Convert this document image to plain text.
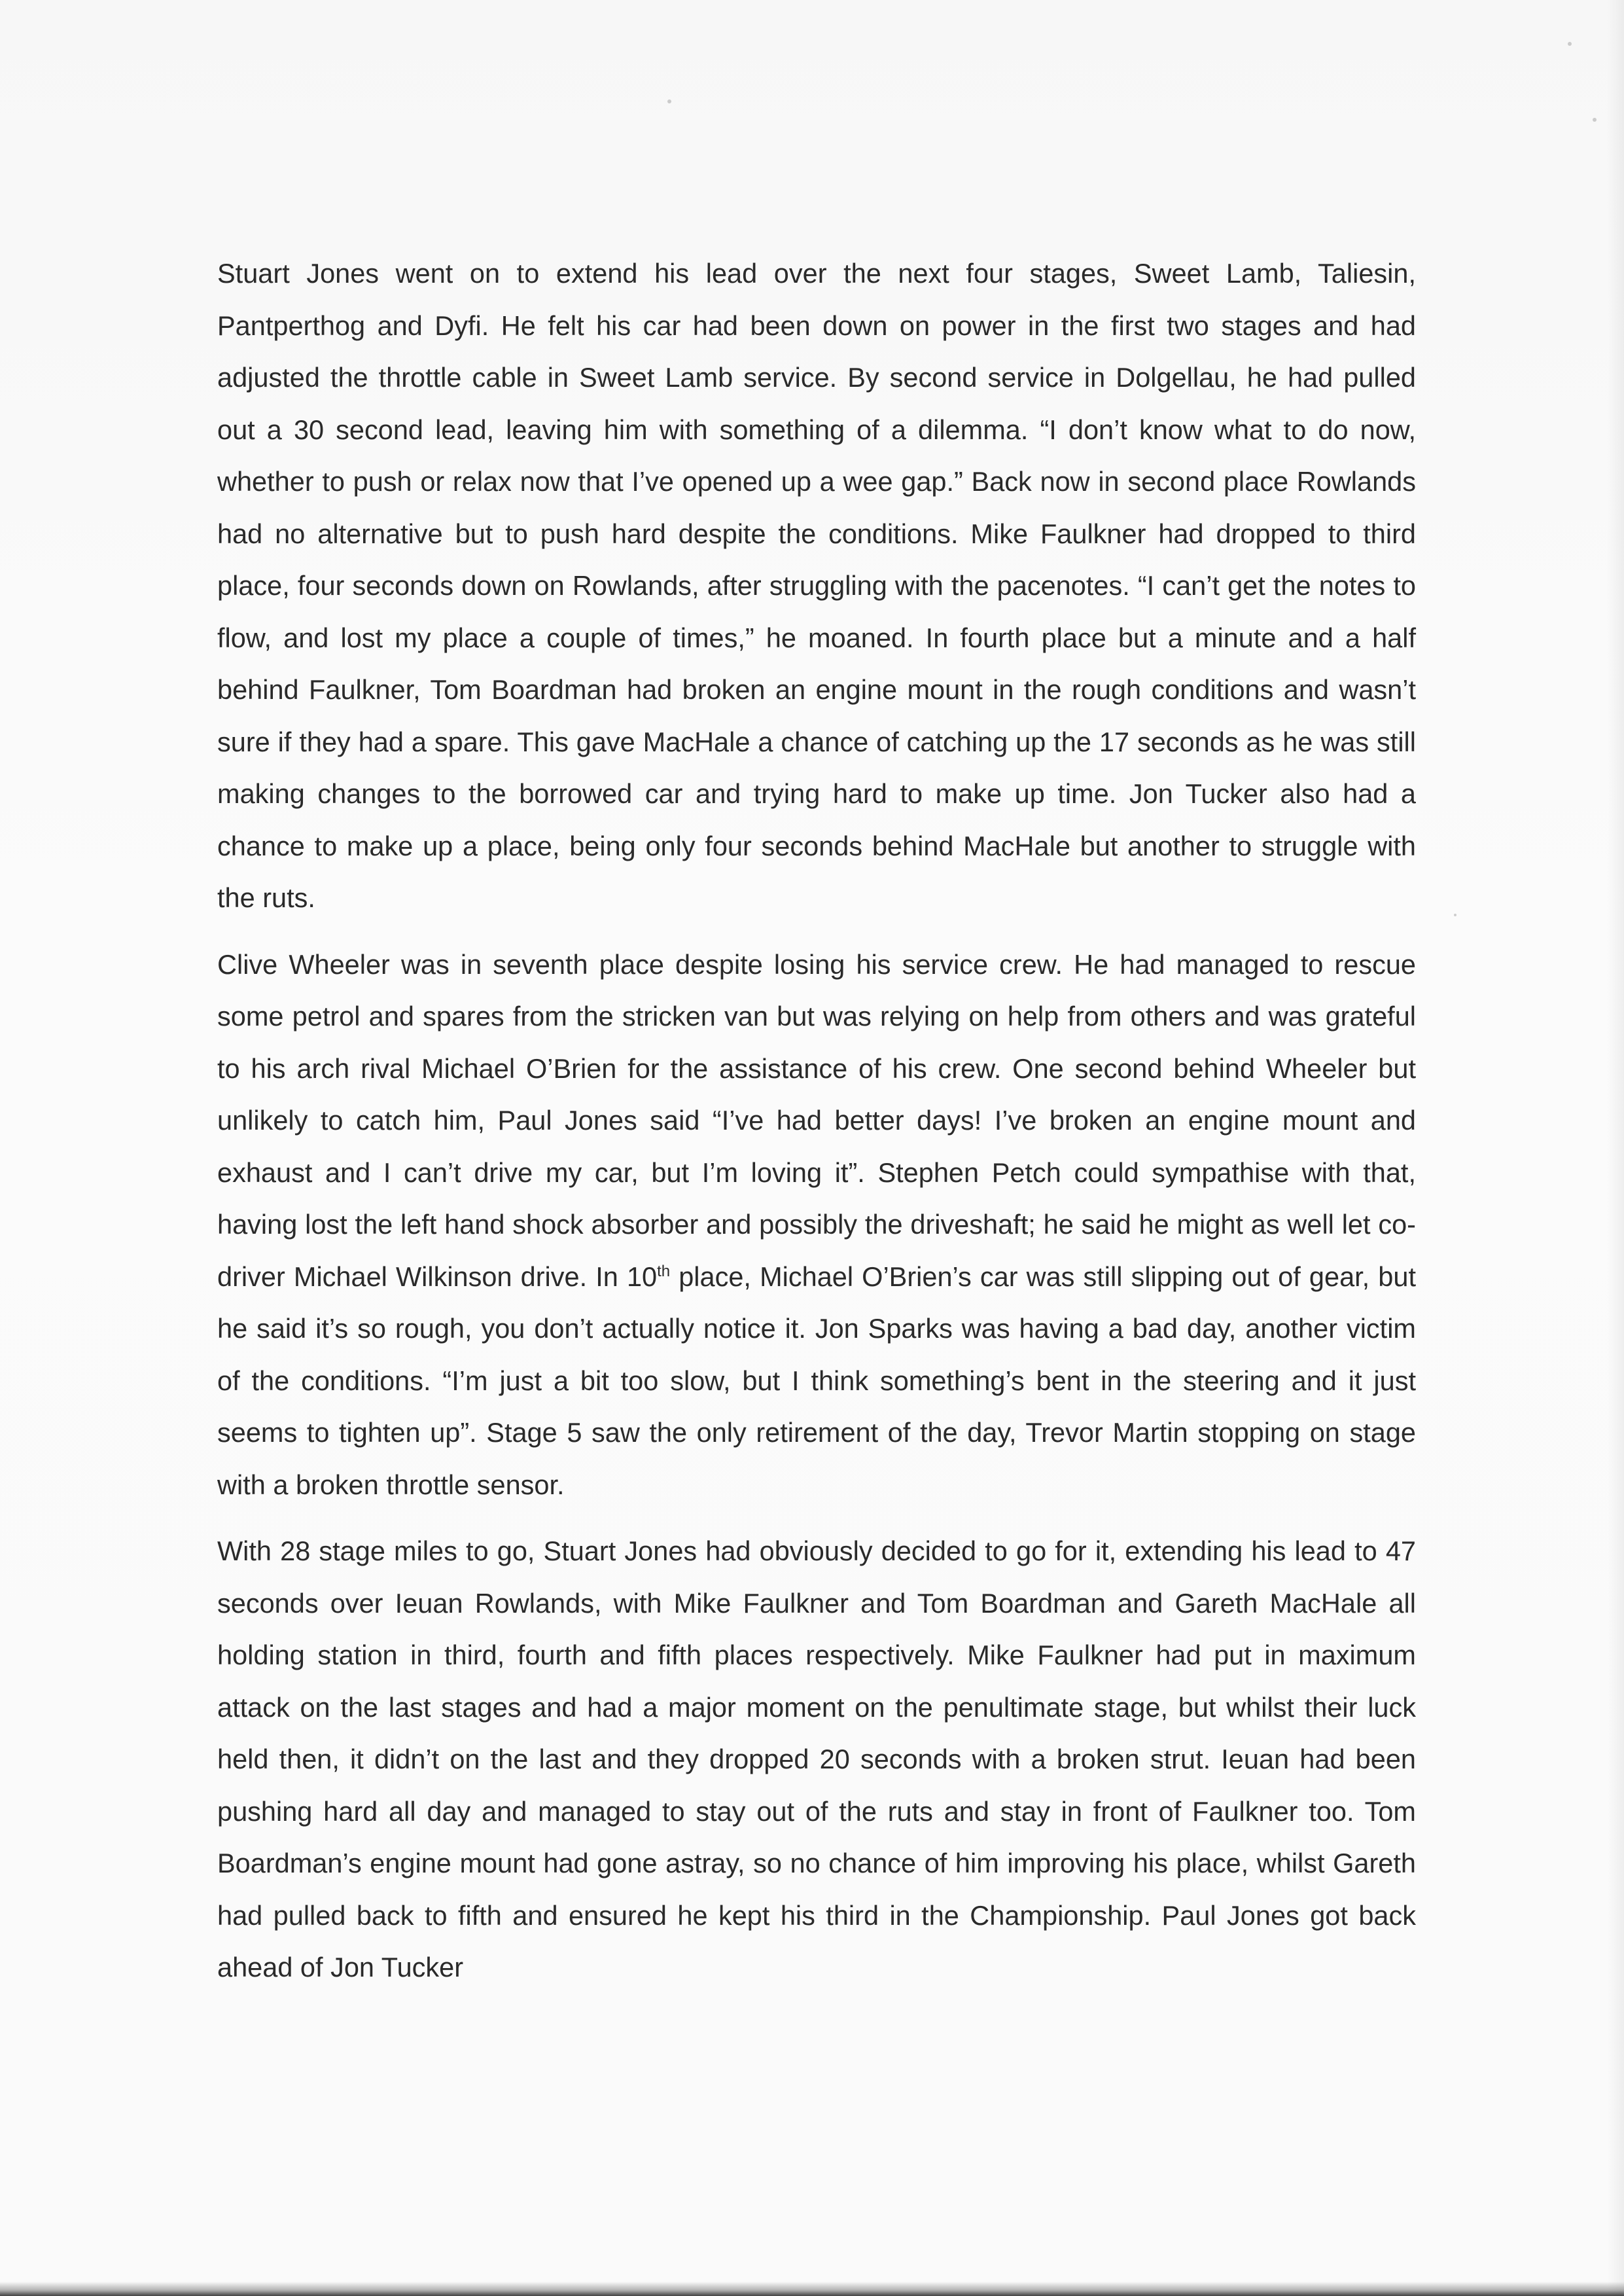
Stuart Jones went on to extend his lead over the next four stages, Sweet Lamb, Taliesin, Pantperthog and Dyfi. He felt his car had been down on power in the first two stages and had adjusted the throttle cable in Sweet Lamb service. By second service in Dolgellau, he had pulled out a 30 second lead, leaving him with something of a dilemma. “I don’t know what to do now, whether to push or relax now that I’ve opened up a wee gap.” Back now in second place Rowlands had no alternative but to push hard despite the conditions. Mike Faulkner had dropped to third place, four seconds down on Rowlands, after struggling with the pacenotes. “I can’t get the notes to flow, and lost my place a couple of times,” he moaned. In fourth place but a minute and a half behind Faulkner, Tom Boardman had broken an engine mount in the rough conditions and wasn’t sure if they had a spare. This gave MacHale a chance of catching up the 17 seconds as he was still making changes to the borrowed car and trying hard to make up time. Jon Tucker also had a chance to make up a place, being only four seconds behind MacHale but another to struggle with the ruts.

Clive Wheeler was in seventh place despite losing his service crew. He had managed to rescue some petrol and spares from the stricken van but was relying on help from others and was grateful to his arch rival Michael O’Brien for the assistance of his crew. One second behind Wheeler but unlikely to catch him, Paul Jones said “I’ve had better days! I’ve broken an engine mount and exhaust and I can’t drive my car, but I’m loving it”. Stephen Petch could sympathise with that, having lost the left hand shock absorber and possibly the driveshaft; he said he might as well let co-driver Michael Wilkinson drive. In 10th place, Michael O’Brien’s car was still slipping out of gear, but he said it’s so rough, you don’t actually notice it. Jon Sparks was having a bad day, another victim of the conditions. “I’m just a bit too slow, but I think something’s bent in the steering and it just seems to tighten up”. Stage 5 saw the only retirement of the day, Trevor Martin stopping on stage with a broken throttle sensor.

With 28 stage miles to go, Stuart Jones had obviously decided to go for it, extending his lead to 47 seconds over Ieuan Rowlands, with Mike Faulkner and Tom Boardman and Gareth MacHale all holding station in third, fourth and fifth places respectively. Mike Faulkner had put in maximum attack on the last stages and had a major moment on the penultimate stage, but whilst their luck held then, it didn’t on the last and they dropped 20 seconds with a broken strut. Ieuan had been pushing hard all day and managed to stay out of the ruts and stay in front of Faulkner too. Tom Boardman’s engine mount had gone astray, so no chance of him improving his place, whilst Gareth had pulled back to fifth and ensured he kept his third in the Championship. Paul Jones got back ahead of Jon Tucker
